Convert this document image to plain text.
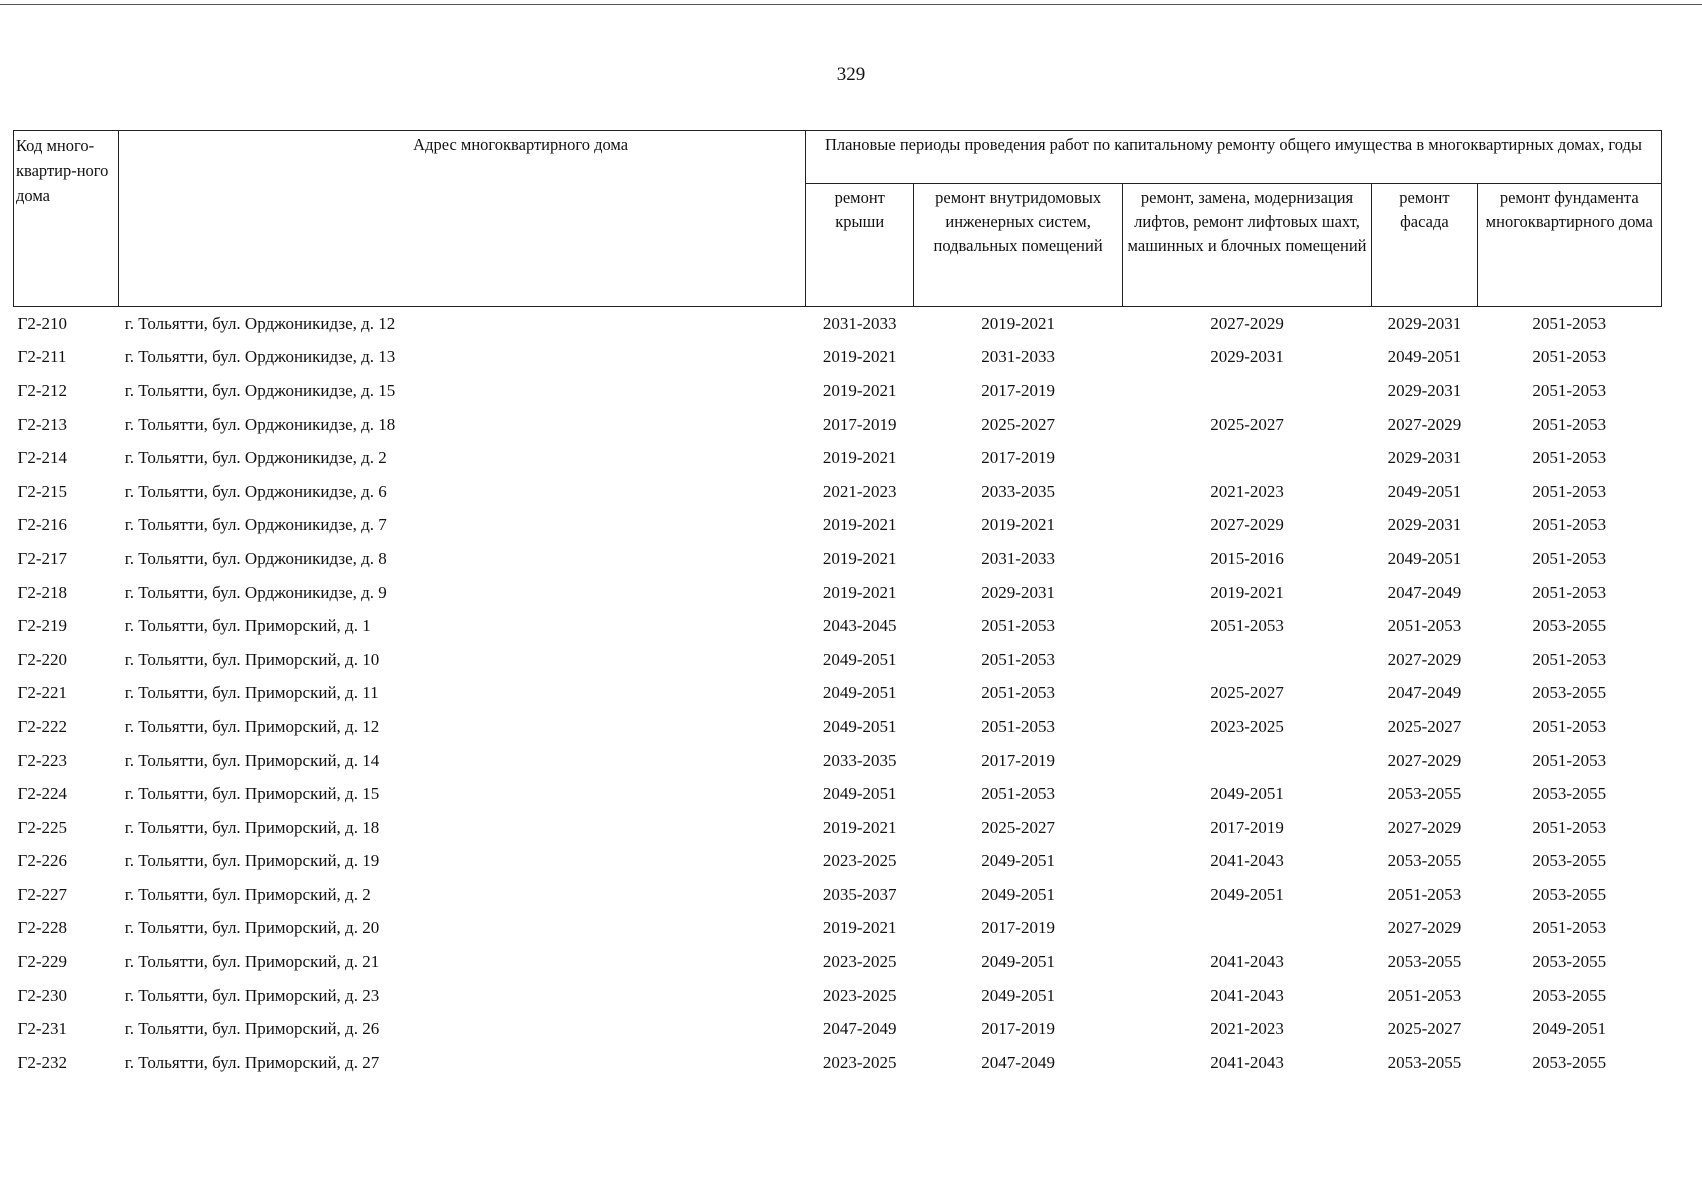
329
Код много-квартир-ного дома	Адрес многоквартирного дома	Плановые периоды проведения работ по капитальному ремонту общего имущества в многоквартирных домах, годы				
		ремонт крыши	ремонт внутридомовых инженерных систем, подвальных помещений	ремонт, замена, модернизация лифтов, ремонт лифтовых шахт, машинных и блочных помещений	ремонт фасада	ремонт фундамента многоквартирного дома
Г2-210	г. Тольятти, бул. Орджоникидзе, д. 12	2031-2033	2019-2021	2027-2029	2029-2031	2051-2053
Г2-211	г. Тольятти, бул. Орджоникидзе, д. 13	2019-2021	2031-2033	2029-2031	2049-2051	2051-2053
Г2-212	г. Тольятти, бул. Орджоникидзе, д. 15	2019-2021	2017-2019		2029-2031	2051-2053
Г2-213	г. Тольятти, бул. Орджоникидзе, д. 18	2017-2019	2025-2027	2025-2027	2027-2029	2051-2053
Г2-214	г. Тольятти, бул. Орджоникидзе, д. 2	2019-2021	2017-2019		2029-2031	2051-2053
Г2-215	г. Тольятти, бул. Орджоникидзе, д. 6	2021-2023	2033-2035	2021-2023	2049-2051	2051-2053
Г2-216	г. Тольятти, бул. Орджоникидзе, д. 7	2019-2021	2019-2021	2027-2029	2029-2031	2051-2053
Г2-217	г. Тольятти, бул. Орджоникидзе, д. 8	2019-2021	2031-2033	2015-2016	2049-2051	2051-2053
Г2-218	г. Тольятти, бул. Орджоникидзе, д. 9	2019-2021	2029-2031	2019-2021	2047-2049	2051-2053
Г2-219	г. Тольятти, бул. Приморский, д. 1	2043-2045	2051-2053	2051-2053	2051-2053	2053-2055
Г2-220	г. Тольятти, бул. Приморский, д. 10	2049-2051	2051-2053		2027-2029	2051-2053
Г2-221	г. Тольятти, бул. Приморский, д. 11	2049-2051	2051-2053	2025-2027	2047-2049	2053-2055
Г2-222	г. Тольятти, бул. Приморский, д. 12	2049-2051	2051-2053	2023-2025	2025-2027	2051-2053
Г2-223	г. Тольятти, бул. Приморский, д. 14	2033-2035	2017-2019		2027-2029	2051-2053
Г2-224	г. Тольятти, бул. Приморский, д. 15	2049-2051	2051-2053	2049-2051	2053-2055	2053-2055
Г2-225	г. Тольятти, бул. Приморский, д. 18	2019-2021	2025-2027	2017-2019	2027-2029	2051-2053
Г2-226	г. Тольятти, бул. Приморский, д. 19	2023-2025	2049-2051	2041-2043	2053-2055	2053-2055
Г2-227	г. Тольятти, бул. Приморский, д. 2	2035-2037	2049-2051	2049-2051	2051-2053	2053-2055
Г2-228	г. Тольятти, бул. Приморский, д. 20	2019-2021	2017-2019		2027-2029	2051-2053
Г2-229	г. Тольятти, бул. Приморский, д. 21	2023-2025	2049-2051	2041-2043	2053-2055	2053-2055
Г2-230	г. Тольятти, бул. Приморский, д. 23	2023-2025	2049-2051	2041-2043	2051-2053	2053-2055
Г2-231	г. Тольятти, бул. Приморский, д. 26	2047-2049	2017-2019	2021-2023	2025-2027	2049-2051
Г2-232	г. Тольятти, бул. Приморский, д. 27	2023-2025	2047-2049	2041-2043	2053-2055	2053-2055
